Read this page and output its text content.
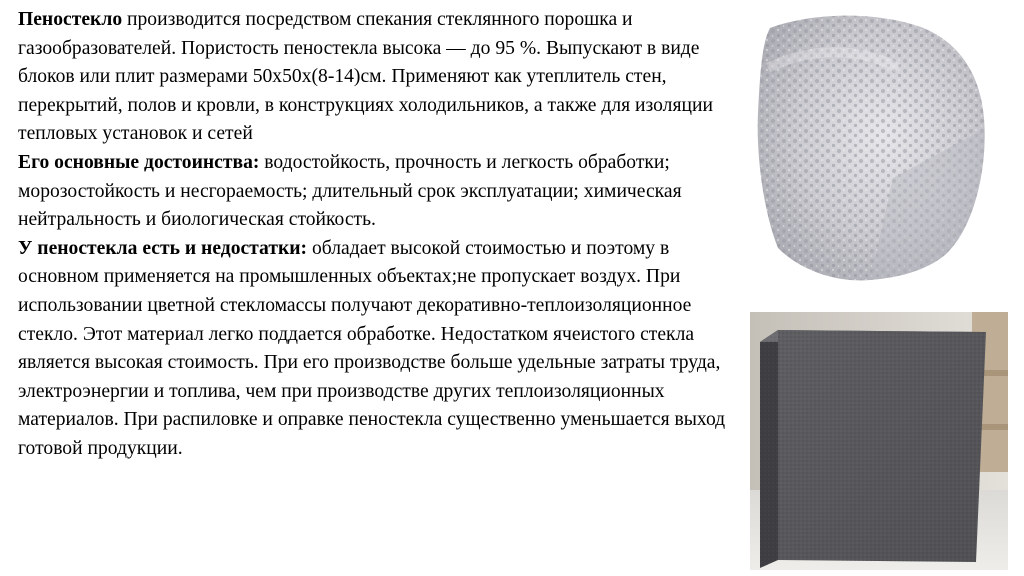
Пеностекло производится посредством спекания стеклянного порошка и газообразователей. Пористость пеностекла высока — до 95 %. Выпускают в виде блоков или плит размерами 50х50х(8-14)см. Применяют как утеплитель стен, перекрытий, полов и кровли, в конструкциях холодильников, а также для изоляции тепловых установок и сетей

Его основные достоинства: водостойкость, прочность и легкость обработки; морозостойкость и несгораемость; длительный срок эксплуатации; химическая нейтральность и биологическая стойкость.

У пеностекла есть и недостатки: обладает высокой стоимостью и поэтому в основном применяется на промышленных объектах;не пропускает воздух. При использовании цветной стекломассы получают декоративно-теплоизоляционное стекло. Этот материал легко поддается обработке. Недостатком ячеистого стекла является высокая стоимость. При его производстве больше удельные затраты труда, электроэнергии и топлива, чем при производстве других теплоизоляционных материалов. При распиловке и оправке пеностекла существенно уменьшается выход готовой продукции.
